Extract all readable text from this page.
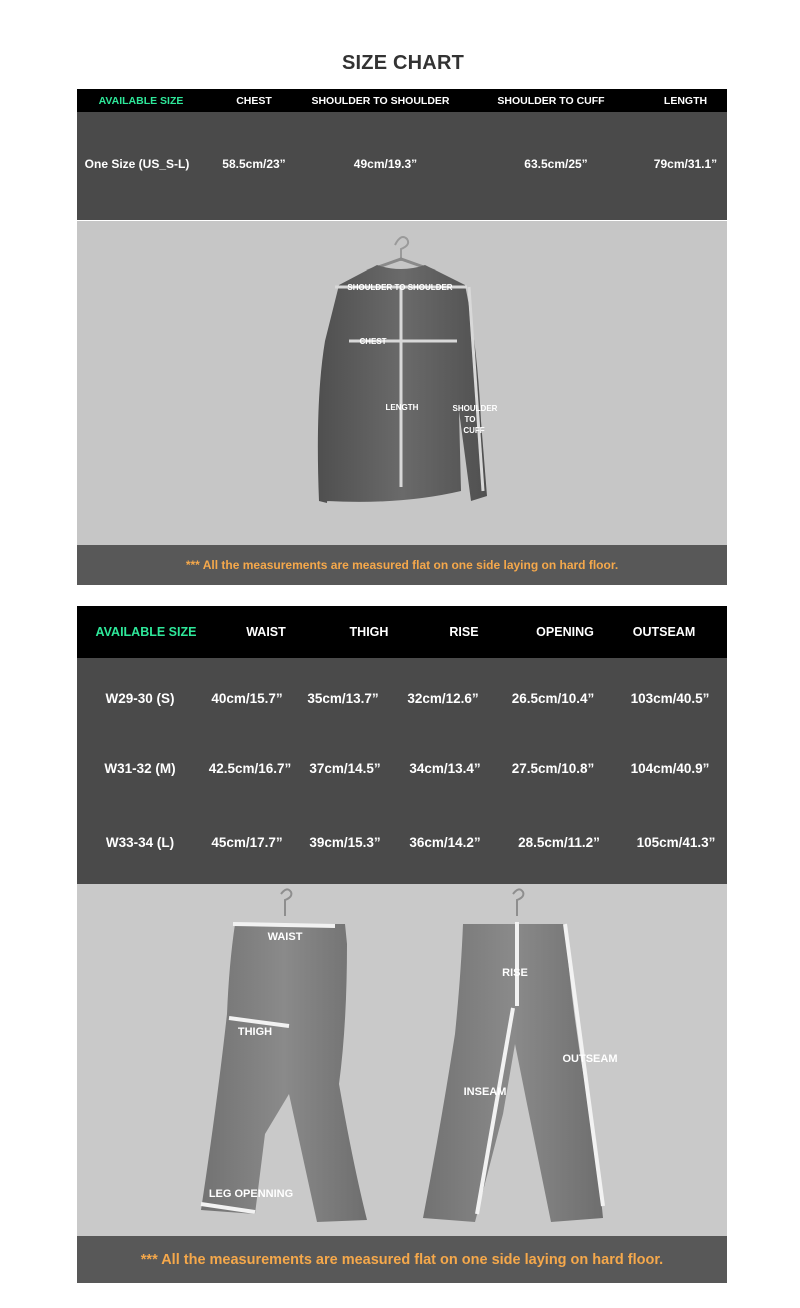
SIZE CHART
AVAILABLE SIZE	CHEST	SHOULDER TO SHOULDER	SHOULDER TO CUFF	LENGTH
One Size (US_S-L)	58.5cm/23”	49cm/19.3”	63.5cm/25”	79cm/31.1”
SHOULDER TO SHOULDER
CHEST
LENGTH	SHOULDER
TO
CUFF
*** All the measurements are measured flat on one side laying on hard floor.
AVAILABLE SIZE	WAIST	THIGH	RISE	OPENING	OUTSEAM
W29-30 (S)	40cm/15.7”	35cm/13.7”	32cm/12.6”	26.5cm/10.4”	103cm/40.5”
W31-32 (M)	42.5cm/16.7”	37cm/14.5”	34cm/13.4”	27.5cm/10.8”	104cm/40.9”
W33-34 (L)	45cm/17.7”	39cm/15.3”	36cm/14.2”	28.5cm/11.2”	105cm/41.3”
WAIST
THIGH
LEG OPENNING
RISE
INSEAM
OUTSEAM
*** All the measurements are measured flat on one side laying on hard floor.
